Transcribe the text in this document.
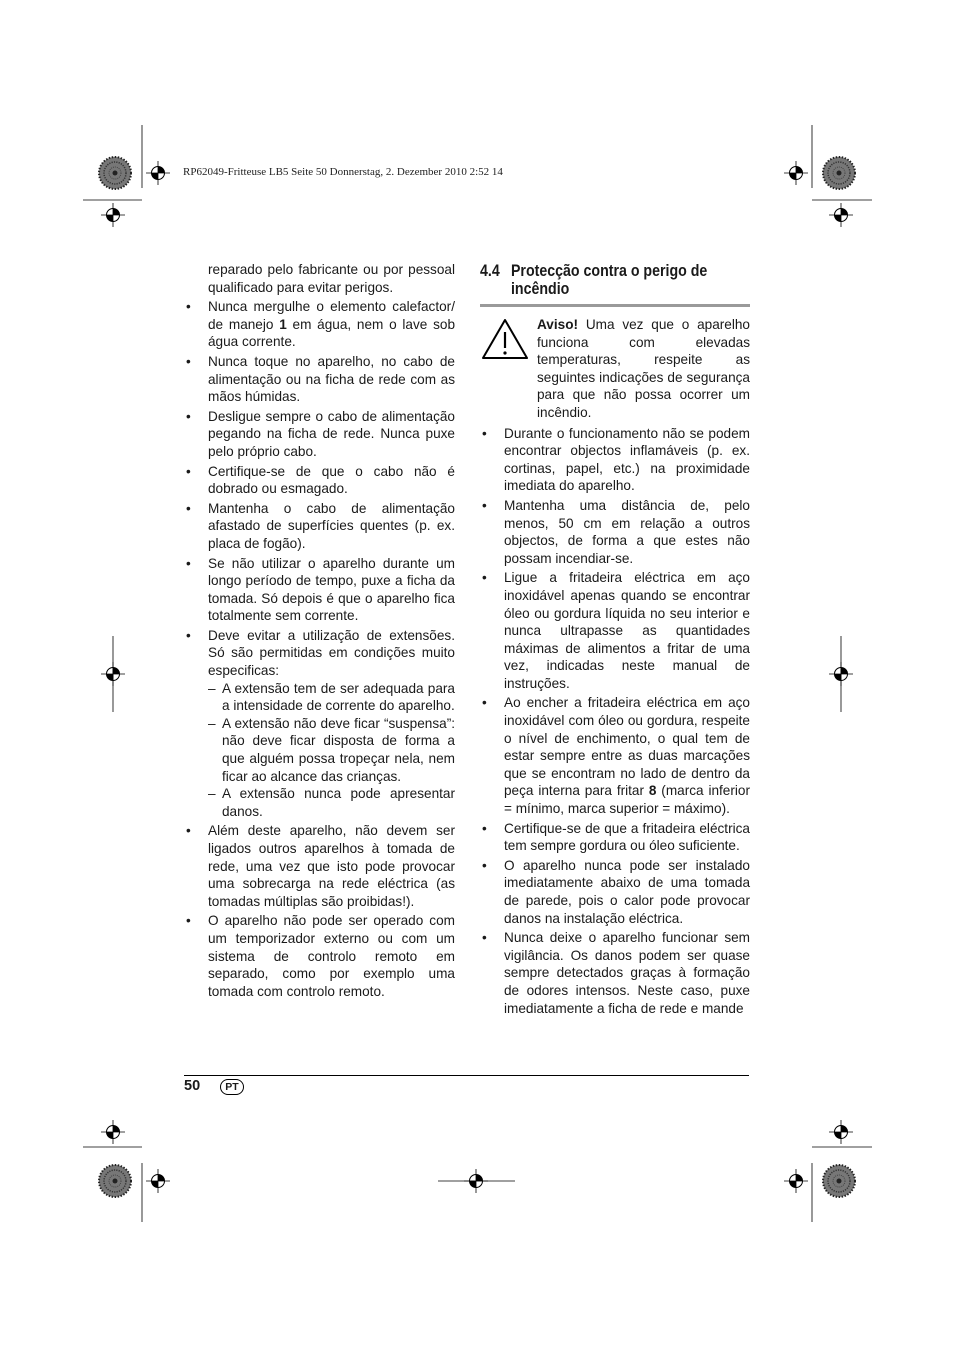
RP62049-Fritteuse LB5 Seite 50 Donnerstag, 2. Dezember 2010 2:52 14

reparado pelo fabricante ou por pessoal qualificado para evitar perigos.

• Nunca mergulhe o elemento calefactor/ de manejo 1 em água, nem o lave sob água corrente.
• Nunca toque no aparelho, no cabo de alimentação ou na ficha de rede com as mãos húmidas.
• Desligue sempre o cabo de alimentação pegando na ficha de rede. Nunca puxe pelo próprio cabo.
• Certifique-se de que o cabo não é dobrado ou esmagado.
• Mantenha o cabo de alimentação afastado de superfícies quentes (p. ex. placa de fogão).
• Se não utilizar o aparelho durante um longo período de tempo, puxe a ficha da tomada. Só depois é que o aparelho fica totalmente sem corrente.
• Deve evitar a utilização de extensões. Só são permitidas em condições muito especificas:
– A extensão tem de ser adequada para a intensidade de corrente do aparelho.
– A extensão não deve ficar “suspensa”: não deve ficar disposta de forma a que alguém possa tropeçar nela, nem ficar ao alcance das crianças.
– A extensão nunca pode apresentar danos.
• Além deste aparelho, não devem ser ligados outros aparelhos à tomada de rede, uma vez que isto pode provocar uma sobrecarga na rede eléctrica (as tomadas múltiplas são proibidas!).
• O aparelho não pode ser operado com um temporizador externo ou com um sistema de controlo remoto em separado, como por exemplo uma tomada com controlo remoto.
4.4 Protecção contra o perigo de incêndio
Aviso! Uma vez que o aparelho funciona com elevadas temperaturas, respeite as seguintes indicações de segurança para que não possa ocorrer um incêndio.
• Durante o funcionamento não se podem encontrar objectos inflamáveis (p. ex. cortinas, papel, etc.) na proximidade imediata do aparelho.
• Mantenha uma distância de, pelo menos, 50 cm em relação a outros objectos, de forma a que estes não possam incendiar-se.
• Ligue a fritadeira eléctrica em aço inoxidável apenas quando se encontrar óleo ou gordura líquida no seu interior e nunca ultrapasse as quantidades máximas de alimentos a fritar de uma vez, indicadas neste manual de instruções.
• Ao encher a fritadeira eléctrica em aço inoxidável com óleo ou gordura, respeite o nível de enchimento, o qual tem de estar sempre entre as duas marcações que se encontram no lado de dentro da peça interna para fritar 8 (marca inferior = mínimo, marca superior = máximo).
• Certifique-se de que a fritadeira eléctrica tem sempre gordura ou óleo suficiente.
• O aparelho nunca pode ser instalado imediatamente abaixo de uma tomada de parede, pois o calor pode provocar danos na instalação eléctrica.
• Nunca deixe o aparelho funcionar sem vigilância. Os danos podem ser quase sempre detectados graças à formação de odores intensos. Neste caso, puxe imediatamente a ficha de rede e mande
50	PT
